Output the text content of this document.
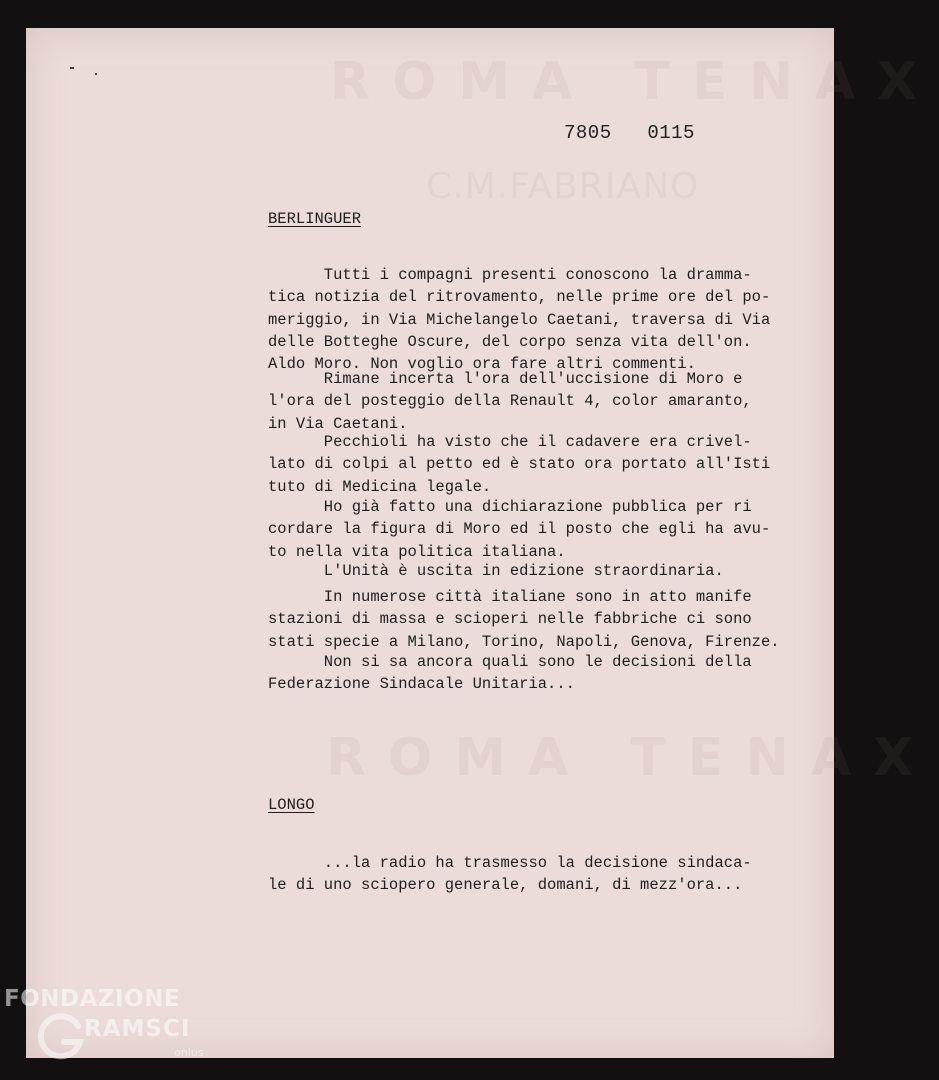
ROMA TENAX
C.M.FABRIANO
ROMA TENAX
7805   0115
BERLINGUER
Tutti i compagni presenti conoscono la dramma-
tica notizia del ritrovamento, nelle prime ore del po-
meriggio, in Via Michelangelo Caetani, traversa di Via
delle Botteghe Oscure, del corpo senza vita dell'on.
Aldo Moro. Non voglio ora fare altri commenti.
Rimane incerta l'ora dell'uccisione di Moro e
l'ora del posteggio della Renault 4, color amaranto,
in Via Caetani.
Pecchioli ha visto che il cadavere era crivel-
lato di colpi al petto ed è stato ora portato all'Isti
tuto di Medicina legale.
Ho già fatto una dichiarazione pubblica per ri
cordare la figura di Moro ed il posto che egli ha avu-
to nella vita politica italiana.
L'Unità è uscita in edizione straordinaria.
In numerose città italiane sono in atto manife
stazioni di massa e scioperi nelle fabbriche ci sono
stati specie a Milano, Torino, Napoli, Genova, Firenze.
Non si sa ancora quali sono le decisioni della
Federazione Sindacale Unitaria...
LONGO
...la radio ha trasmesso la decisione sindaca-
le di uno sciopero generale, domani, di mezz'ora...
FONDAZIONE
RAMSCI
onlus
